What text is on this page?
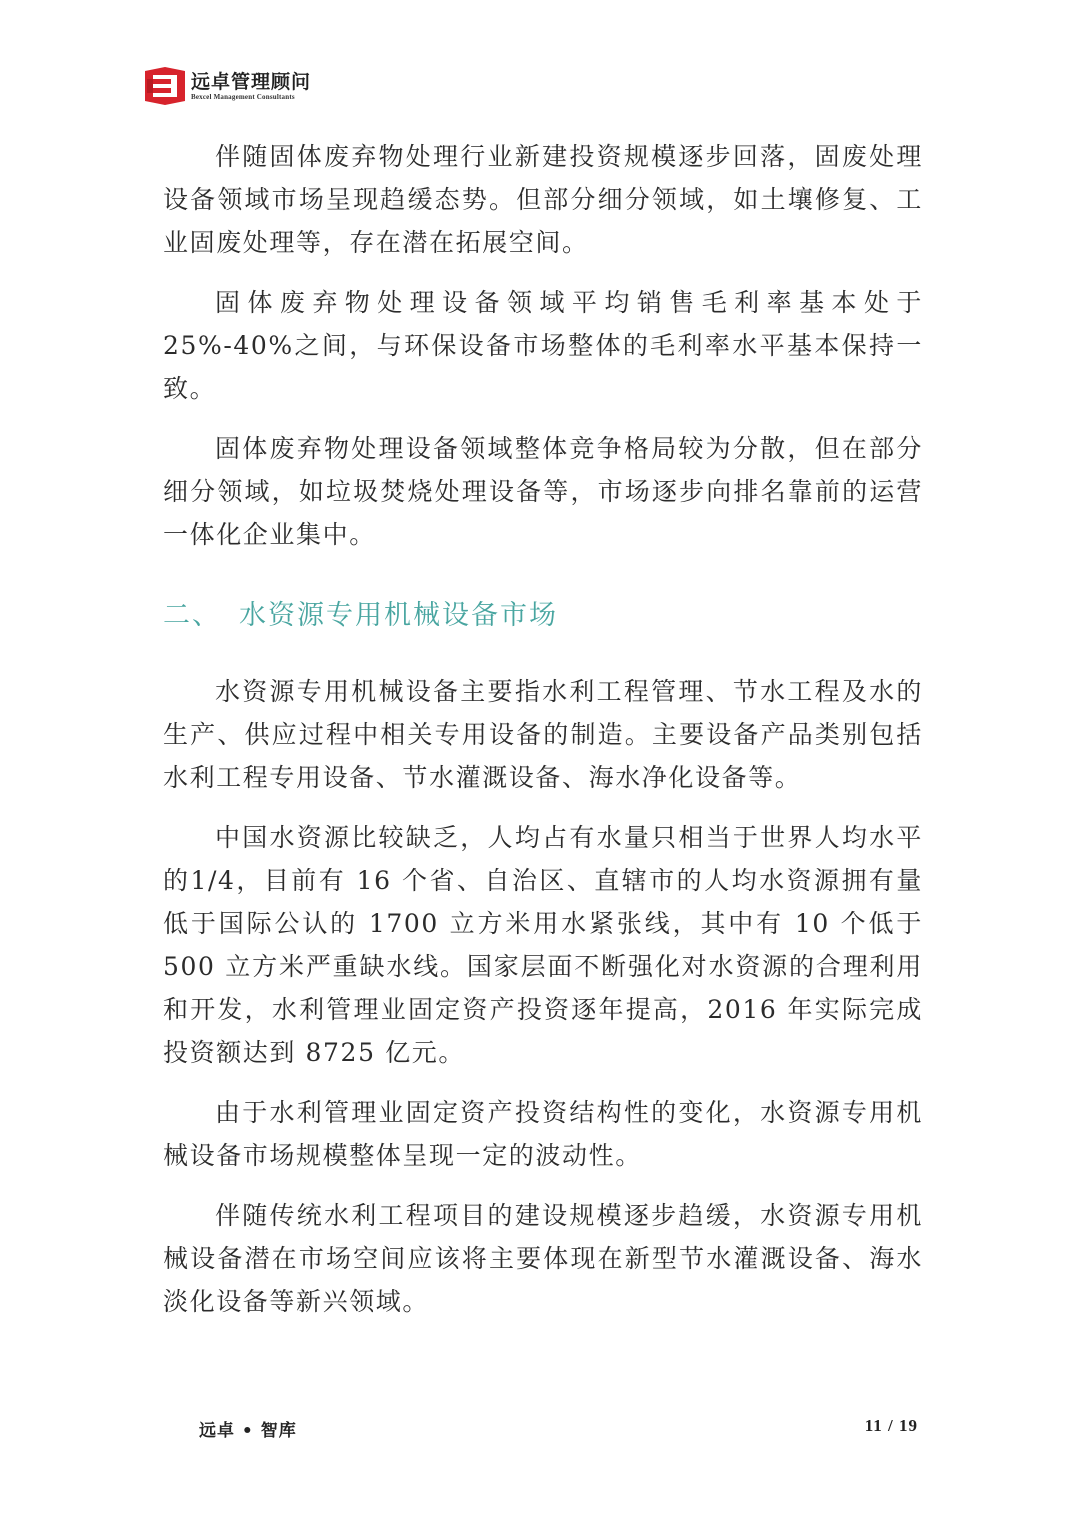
远卓管理顾问
Bexcel Management Consultants

伴随固体废弃物处理行业新建投资规模逐步回落，固废处理设备领域市场呈现趋缓态势。但部分细分领域，如土壤修复、工业固废处理等，存在潜在拓展空间。

固体废弃物处理设备领域平均销售毛利率基本处于 25%-40%之间，与环保设备市场整体的毛利率水平基本保持一致。

固体废弃物处理设备领域整体竞争格局较为分散，但在部分细分领域，如垃圾焚烧处理设备等，市场逐步向排名靠前的运营一体化企业集中。

二、 水资源专用机械设备市场

水资源专用机械设备主要指水利工程管理、节水工程及水的生产、供应过程中相关专用设备的制造。主要设备产品类别包括水利工程专用设备、节水灌溉设备、海水净化设备等。

中国水资源比较缺乏，人均占有水量只相当于世界人均水平的1/4，目前有 16 个省、自治区、直辖市的人均水资源拥有量低于国际公认的 1700 立方米用水紧张线，其中有 10 个低于 500 立方米严重缺水线。国家层面不断强化对水资源的合理利用和开发，水利管理业固定资产投资逐年提高，2016 年实际完成投资额达到 8725 亿元。

由于水利管理业固定资产投资结构性的变化，水资源专用机械设备市场规模整体呈现一定的波动性。

伴随传统水利工程项目的建设规模逐步趋缓，水资源专用机械设备潜在市场空间应该将主要体现在新型节水灌溉设备、海水淡化设备等新兴领域。

远卓 • 智库	11 / 19
